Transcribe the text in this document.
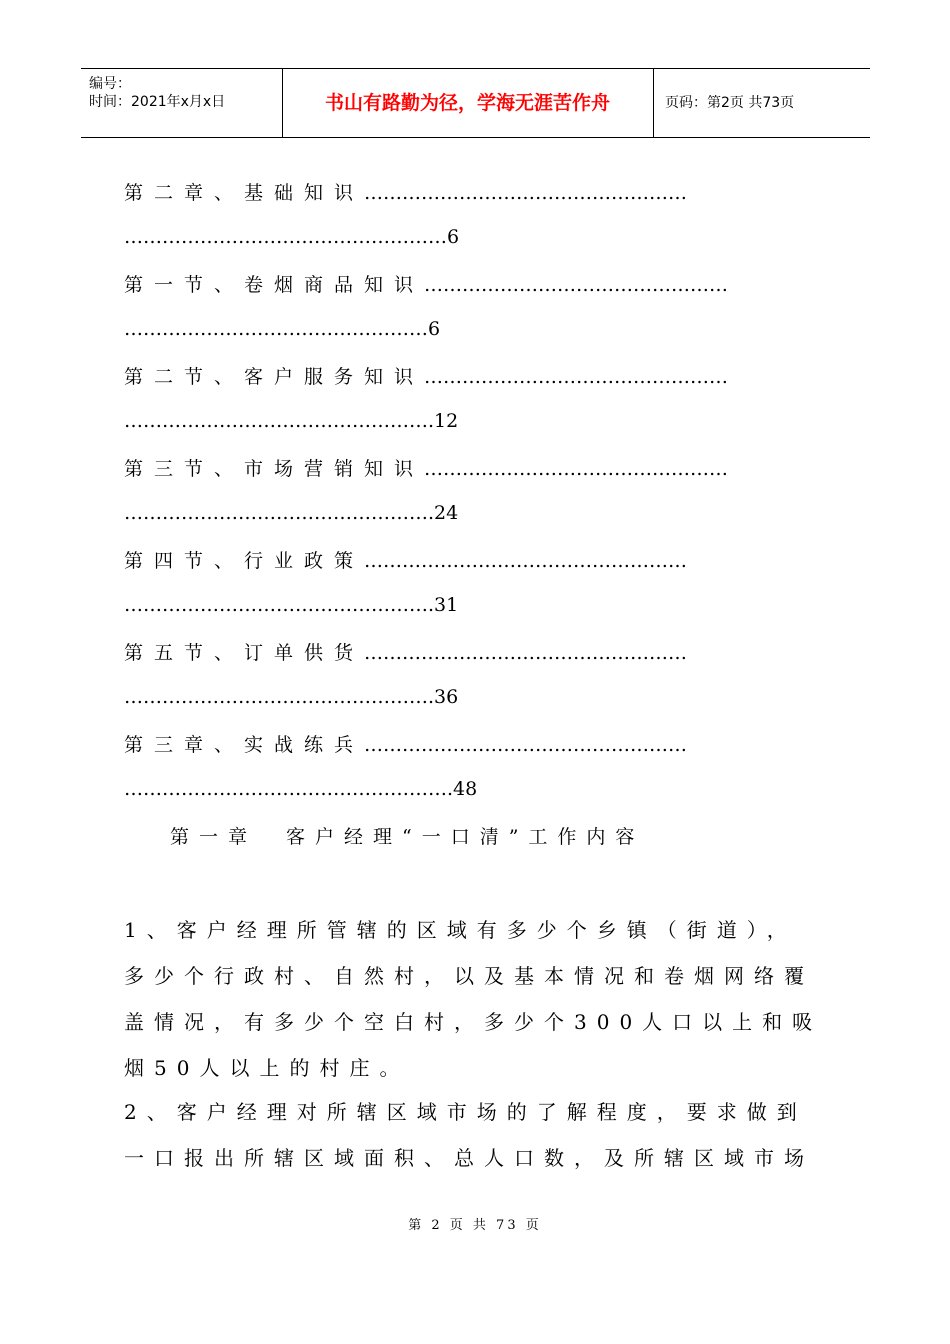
编号：
时间：2021年x月x日	书山有路勤为径，学海无涯苦作舟	页码：第2页 共73页
第二章、基础知识……………………………………………
……………………………………………6
第一节、卷烟商品知识…………………………………………
…………………………………………6
第二节、客户服务知识…………………………………………
………………………………………….12
第三节、市场营销知识…………………………………………
………………………………………….24
第四节、行业政策……………………………………………
………………………………………….31
第五节、订单供货……………………………………………
………………………………………….36
第三章、实战练兵……………………………………………
…………………………………………….48
第一章　客户经理“一口清”工作内容
1、客户经理所管辖的区域有多少个乡镇（街道），
多少个行政村、自然村，以及基本情况和卷烟网络覆
盖情况，有多少个空白村，多少个300人口以上和吸
烟50人以上的村庄。
2、客户经理对所辖区域市场的了解程度，要求做到
一口报出所辖区域面积、总人口数，及所辖区域市场
第 2 页 共 73 页
